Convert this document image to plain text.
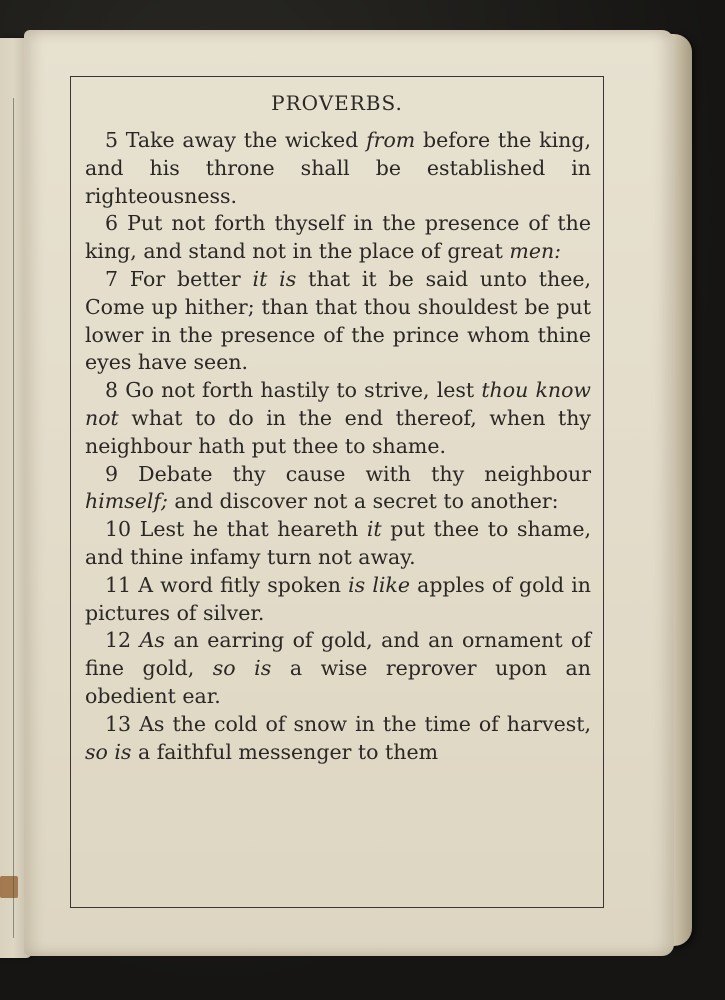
PROVERBS.

5 Take away the wicked from before the king, and his throne shall be established in righteousness.

6 Put not forth thyself in the presence of the king, and stand not in the place of great men:

7 For better it is that it be said unto thee, Come up hither; than that thou shouldest be put lower in the presence of the prince whom thine eyes have seen.

8 Go not forth hastily to strive, lest thou know not what to do in the end thereof, when thy neighbour hath put thee to shame.

9 Debate thy cause with thy neighbour himself; and discover not a secret to another:

10 Lest he that heareth it put thee to shame, and thine infamy turn not away.

11 A word fitly spoken is like apples of gold in pictures of silver.

12 As an earring of gold, and an ornament of fine gold, so is a wise reprover upon an obedient ear.

13 As the cold of snow in the time of harvest, so is a faithful messenger to them
